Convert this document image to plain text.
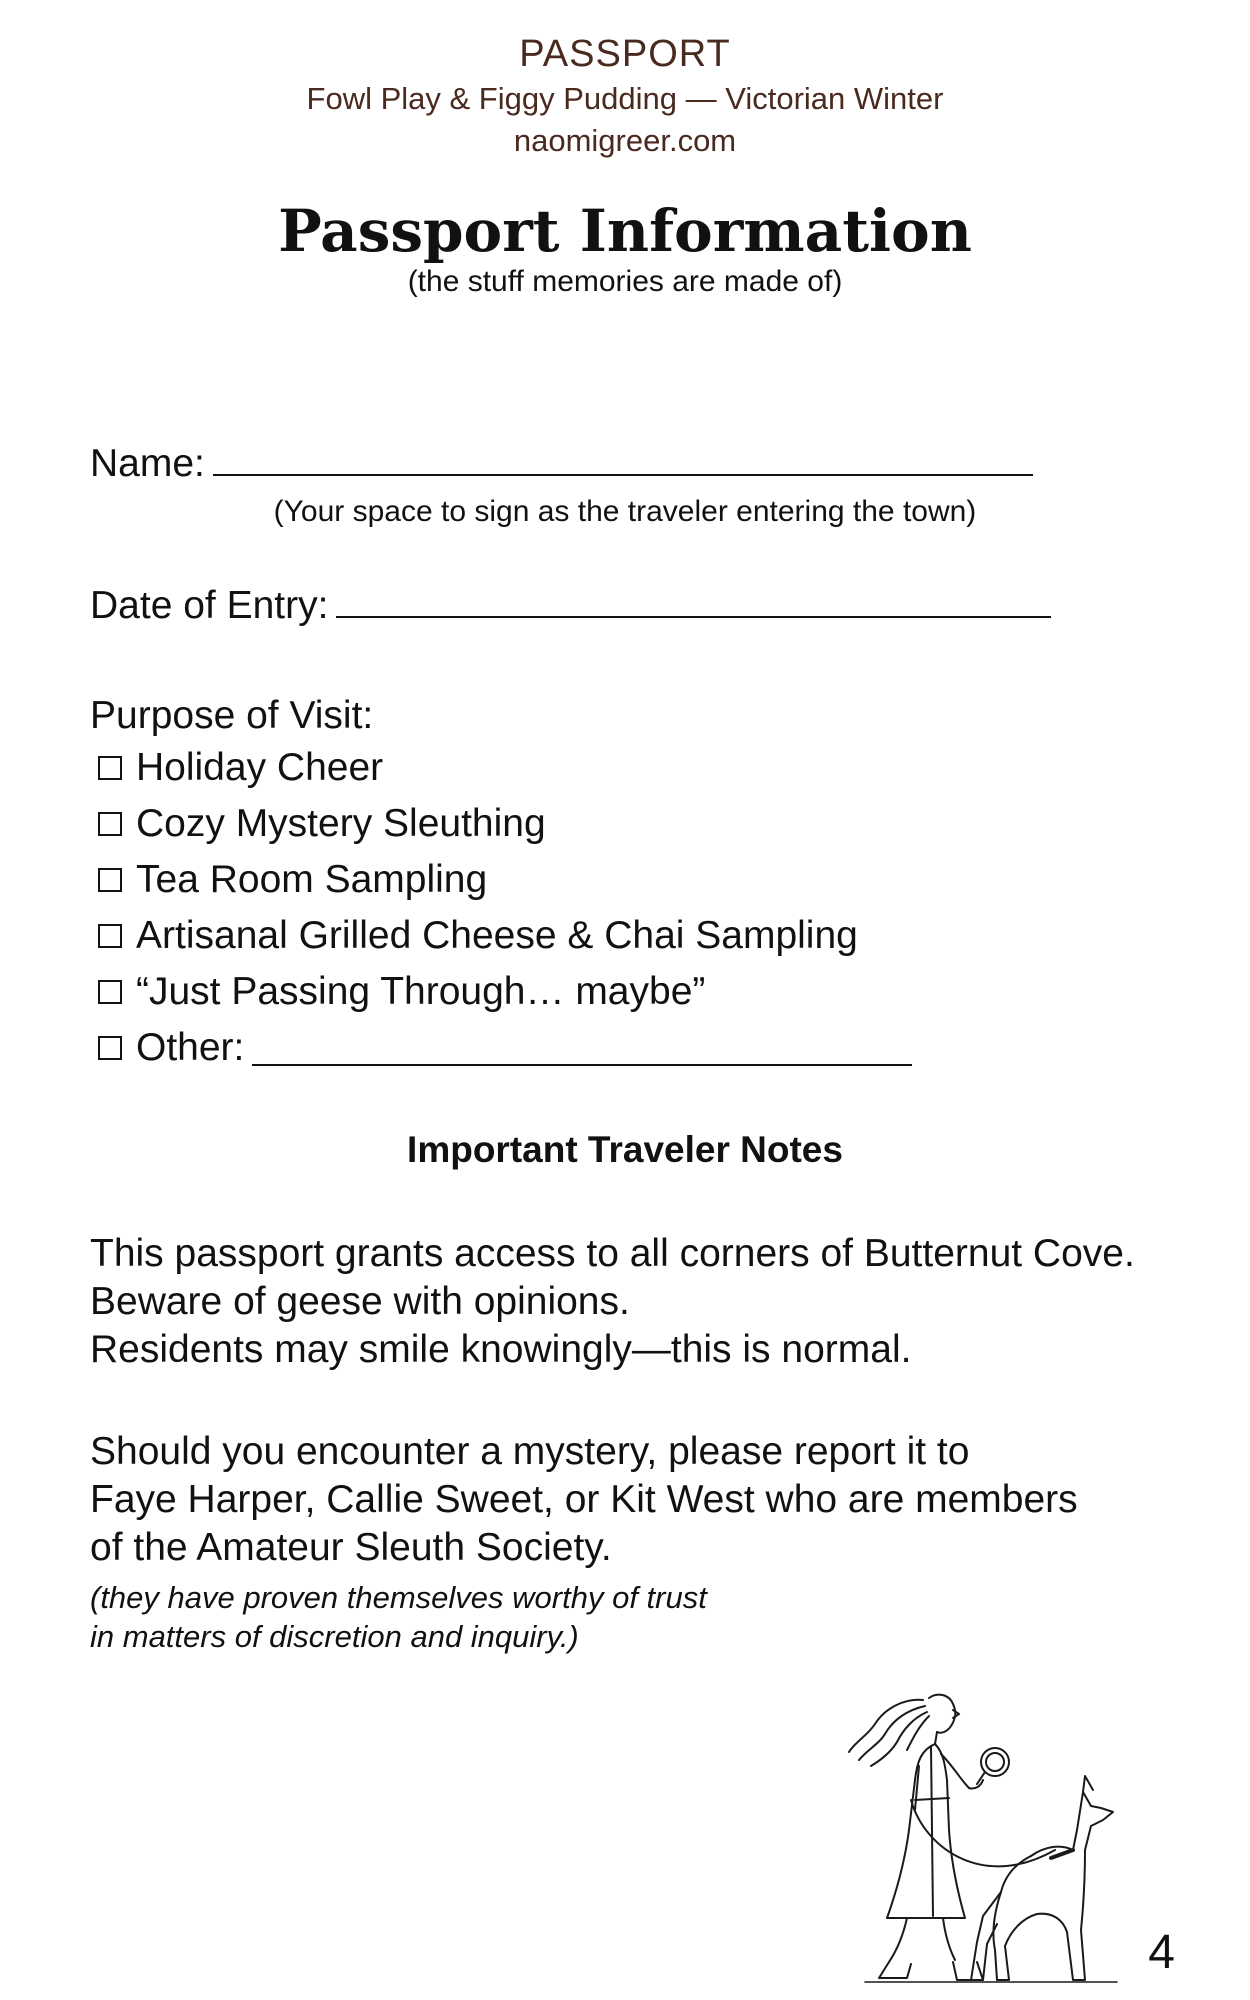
PASSPORT
Fowl Play & Figgy Pudding — Victorian Winter
naomigreer.com
Passport Information
(the stuff memories are made of)
Name:
(Your space to sign as the traveler entering the town)
Date of Entry:
Purpose of Visit:
Holiday Cheer
Cozy Mystery Sleuthing
Tea Room Sampling
Artisanal Grilled Cheese & Chai Sampling
“Just Passing Through… maybe”
Other:
Important Traveler Notes
This passport grants access to all corners of Butternut Cove.
Beware of geese with opinions.
Residents may smile knowingly—this is normal.
Should you encounter a mystery, please report it to
Faye Harper, Callie Sweet, or Kit West who are members
of the Amateur Sleuth Society.
(they have proven themselves worthy of trust
in matters of discretion and inquiry.)
4
